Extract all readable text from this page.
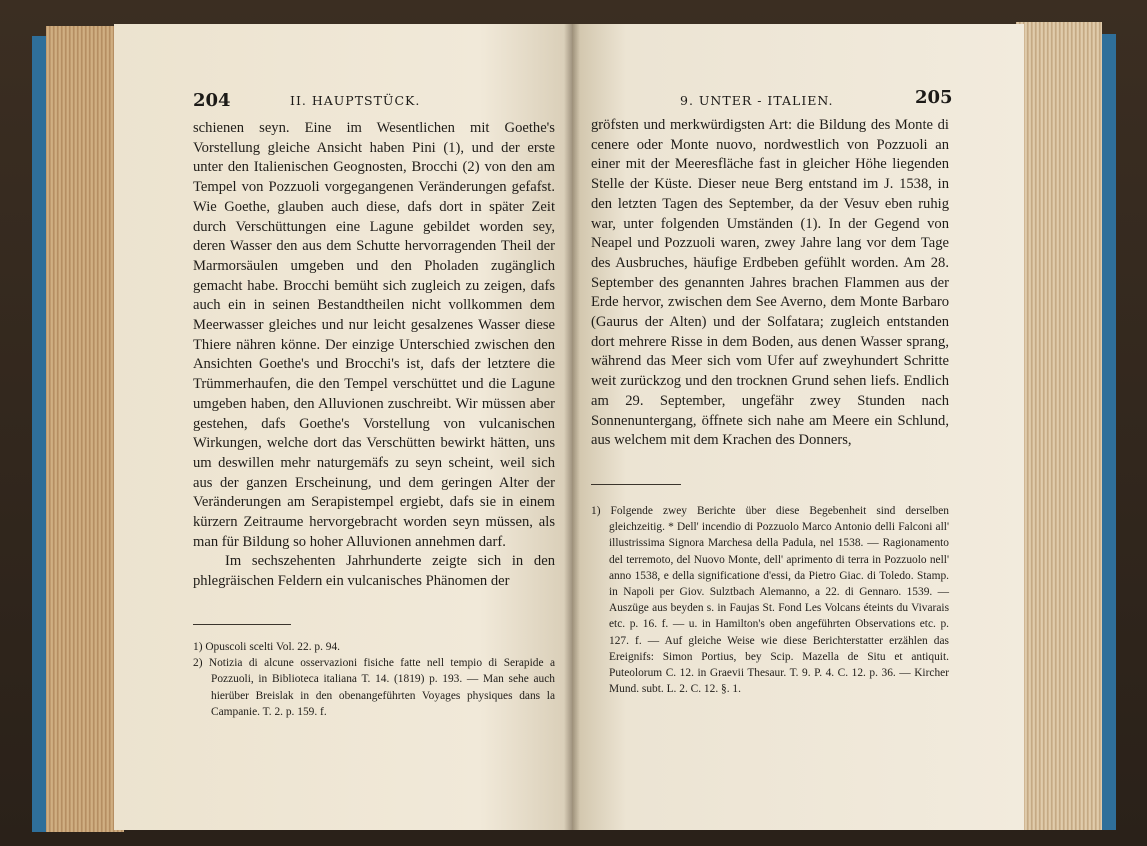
204	II. HAUPTSTÜCK.

schienen seyn. Eine im Wesentlichen mit Goethe's Vorstellung gleiche Ansicht haben Pini (1), und der erste unter den Italienischen Geognosten, Brocchi (2) von den am Tempel von Pozzuoli vorgegangenen Veränderungen gefafst. Wie Goethe, glauben auch diese, dafs dort in später Zeit durch Verschüttungen eine Lagune gebildet worden sey, deren Wasser den aus dem Schutte hervorragenden Theil der Marmorsäulen umgeben und den Pholaden zugänglich gemacht habe. Brocchi bemüht sich zugleich zu zeigen, dafs auch ein in seinen Bestandtheilen nicht vollkommen dem Meerwasser gleiches und nur leicht gesalzenes Wasser diese Thiere nähren könne. Der einzige Unterschied zwischen den Ansichten Goethe's und Brocchi's ist, dafs der letztere die Trümmerhaufen, die den Tempel verschüttet und die Lagune umgeben haben, den Alluvionen zuschreibt. Wir müssen aber gestehen, dafs Goethe's Vorstellung von vulcanischen Wirkungen, welche dort das Verschütten bewirkt hätten, uns um deswillen mehr naturgemäfs zu seyn scheint, weil sich aus der ganzen Erscheinung, und dem geringen Alter der Veränderungen am Serapistempel ergiebt, dafs sie in einem kürzern Zeitraume hervorgebracht worden seyn müssen, als man für Bildung so hoher Alluvionen annehmen darf.

Im sechszehenten Jahrhunderte zeigte sich in den phlegräischen Feldern ein vulcanisches Phänomen der

1) Opuscoli scelti Vol. 22. p. 94.

2) Notizia di alcune osservazioni fisiche fatte nell tempio di Serapide a Pozzuoli, in Biblioteca italiana T. 14. (1819) p. 193. — Man sehe auch hierüber Breislak in den obenangeführten Voyages physiques dans la Campanie. T. 2. p. 159. f.

9. UNTER - ITALIEN.	205

gröfsten und merkwürdigsten Art: die Bildung des Monte di cenere oder Monte nuovo, nordwestlich von Pozzuoli an einer mit der Meeresfläche fast in gleicher Höhe liegenden Stelle der Küste. Dieser neue Berg entstand im J. 1538, in den letzten Tagen des September, da der Vesuv eben ruhig war, unter folgenden Umständen (1). In der Gegend von Neapel und Pozzuoli waren, zwey Jahre lang vor dem Tage des Ausbruches, häufige Erdbeben gefühlt worden. Am 28. September des genannten Jahres brachen Flammen aus der Erde hervor, zwischen dem See Averno, dem Monte Barbaro (Gaurus der Alten) und der Solfatara; zugleich entstanden dort mehrere Risse in dem Boden, aus denen Wasser sprang, während das Meer sich vom Ufer auf zweyhundert Schritte weit zurückzog und den trocknen Grund sehen liefs. Endlich am 29. September, ungefähr zwey Stunden nach Sonnenuntergang, öffnete sich nahe am Meere ein Schlund, aus welchem mit dem Krachen des Donners,

1) Folgende zwey Berichte über diese Begebenheit sind derselben gleichzeitig. * Dell' incendio di Pozzuolo Marco Antonio delli Falconi all' illustrissima Signora Marchesa della Padula, nel 1538. — Ragionamento del terremoto, del Nuovo Monte, dell' aprimento di terra in Pozzuolo nell' anno 1538, e della significatione d'essi, da Pietro Giac. di Toledo. Stamp. in Napoli per Giov. Sulztbach Alemanno, a 22. di Gennaro. 1539. — Auszüge aus beyden s. in Faujas St. Fond Les Volcans éteints du Vivarais etc. p. 16. f. — u. in Hamilton's oben angeführten Observations etc. p. 127. f. — Auf gleiche Weise wie diese Berichterstatter erzählen das Ereignifs: Simon Portius, bey Scip. Mazella de Situ et antiquit. Puteolorum C. 12. in Graevii Thesaur. T. 9. P. 4. C. 12. p. 36. — Kircher Mund. subt. L. 2. C. 12. §. 1.
